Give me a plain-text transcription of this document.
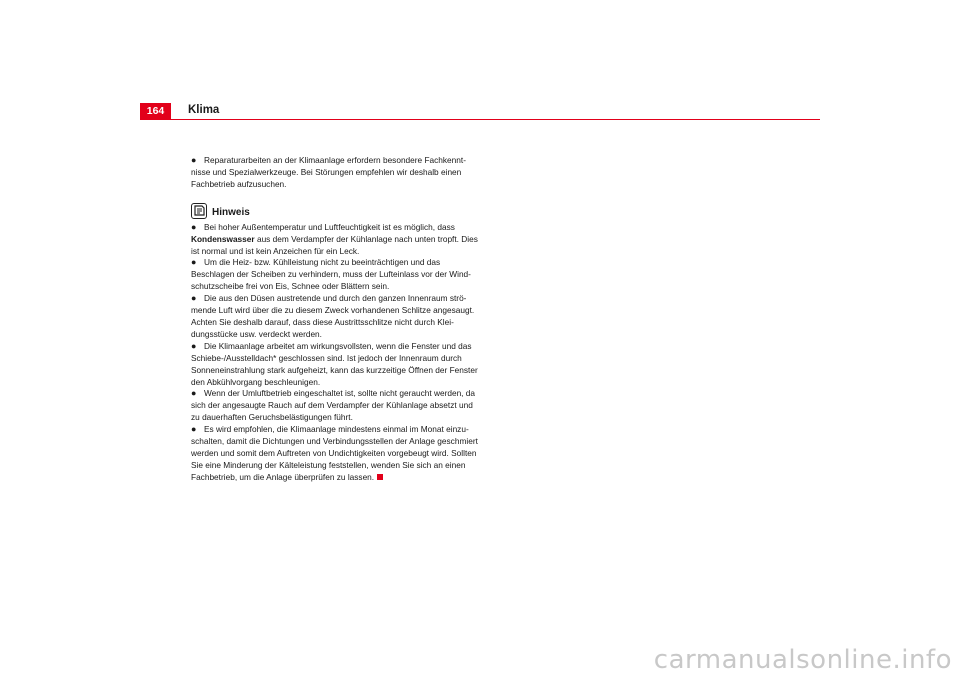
164	Klima

● Reparaturarbeiten an der Klimaanlage erfordern besondere Fachkennt-nisse und Spezialwerkzeuge. Bei Störungen empfehlen wir deshalb einen Fachbetrieb aufzusuchen.

Hinweis

● Bei hoher Außentemperatur und Luftfeuchtigkeit ist es möglich, dass Kondenswasser aus dem Verdampfer der Kühlanlage nach unten tropft. Dies ist normal und ist kein Anzeichen für ein Leck.

● Um die Heiz- bzw. Kühlleistung nicht zu beeinträchtigen und das Beschlagen der Scheiben zu verhindern, muss der Lufteinlass vor der Wind-schutzscheibe frei von Eis, Schnee oder Blättern sein.

● Die aus den Düsen austretende und durch den ganzen Innenraum strö-mende Luft wird über die zu diesem Zweck vorhandenen Schlitze angesaugt. Achten Sie deshalb darauf, dass diese Austrittsschlitze nicht durch Klei-dungsstücke usw. verdeckt werden.

● Die Klimaanlage arbeitet am wirkungsvollsten, wenn die Fenster und das Schiebe-/Ausstelldach* geschlossen sind. Ist jedoch der Innenraum durch Sonneneinstrahlung stark aufgeheizt, kann das kurzzeitige Öffnen der Fenster den Abkühlvorgang beschleunigen.

● Wenn der Umluftbetrieb eingeschaltet ist, sollte nicht geraucht werden, da sich der angesaugte Rauch auf dem Verdampfer der Kühlanlage absetzt und zu dauerhaften Geruchsbelästigungen führt.

● Es wird empfohlen, die Klimaanlage mindestens einmal im Monat einzu-schalten, damit die Dichtungen und Verbindungsstellen der Anlage geschmiert werden und somit dem Auftreten von Undichtigkeiten vorgebeugt wird. Sollten Sie eine Minderung der Kälteleistung feststellen, wenden Sie sich an einen Fachbetrieb, um die Anlage überprüfen zu lassen.

carmanualsonline.info
